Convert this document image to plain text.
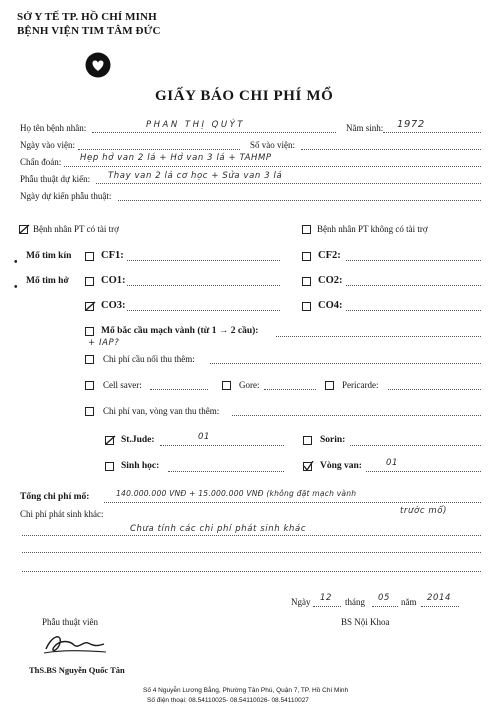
SỞ Y TẾ TP. HỒ CHÍ MINH
BỆNH VIỆN TIM TÂM ĐỨC
GIẤY BÁO CHI PHÍ MỔ
Họ tên bệnh nhân:	PHAN THỊ QUÝT	Năm sinh: 1972
Ngày vào viện:	Số vào viện:
Chẩn đoán: Hẹp hở van 2 lá + Hở van 3 lá + TAHMP
Phẫu thuật dự kiến: Thay van 2 lá cơ học + Sửa van 3 lá
Ngày dự kiến phẫu thuật:
Bệnh nhân PT có tài trợ	Bệnh nhân PT không có tài trợ
•
Mổ tim kín	CF1:	CF2:
•
Mổ tim hở	CO1:	CO2:
CO3:	CO4:
Mổ bắc cầu mạch vành (từ 1 → 2 cầu):
+ IAP?
Chi phí cầu nối thu thêm:
Cell saver:	Gore:	Pericarde:
Chi phí van, vòng van thu thêm:
St.Jude:	01	Sorin:
Sinh học:	Vòng van:	01
Tổng chi phí mổ:	140.000.000 VNĐ + 15.000.000 VNĐ (không đặt mạch vành
trước mổ)
Chi phí phát sinh khác:
Chưa tính các chi phí phát sinh khác
Ngày 12 tháng 05 năm 2014
Phẫu thuật viên	BS Nội Khoa
ThS.BS Nguyễn Quốc Tân
Số 4 Nguyễn Lương Bằng, Phường Tân Phú, Quận 7, TP. Hồ Chí Minh
Số điện thoại: 08.54110025- 08.54110026- 08.54110027
